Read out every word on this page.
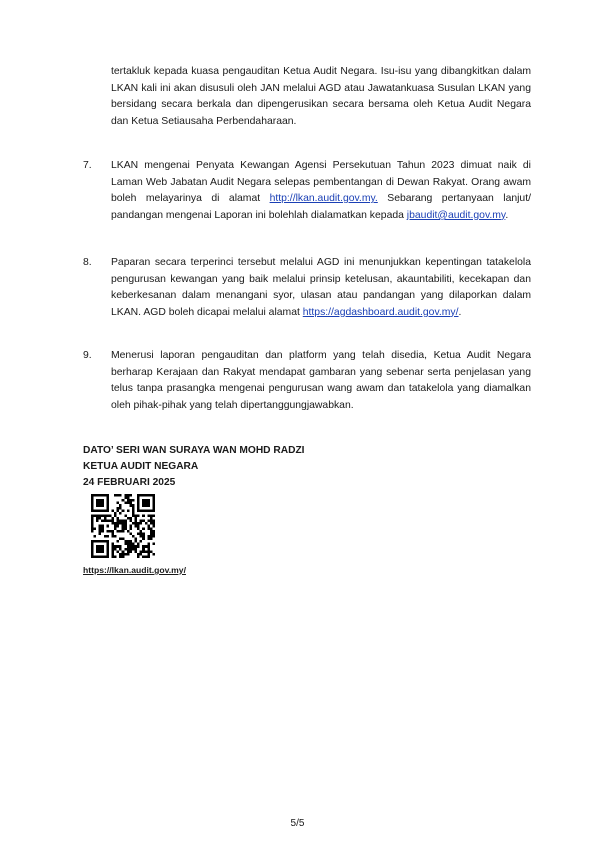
tertakluk kepada kuasa pengauditan Ketua Audit Negara. Isu-isu yang dibangkitkan dalam LKAN kali ini akan disusuli oleh JAN melalui AGD atau Jawatankuasa Susulan LKAN yang bersidang secara berkala dan dipengerusikan secara bersama oleh Ketua Audit Negara dan Ketua Setiausaha Perbendaharaan.
7. LKAN mengenai Penyata Kewangan Agensi Persekutuan Tahun 2023 dimuat naik di Laman Web Jabatan Audit Negara selepas pembentangan di Dewan Rakyat. Orang awam boleh melayarinya di alamat http://lkan.audit.gov.my. Sebarang pertanyaan lanjut/ pandangan mengenai Laporan ini bolehlah dialamatkan kepada jbaudit@audit.gov.my.
8. Paparan secara terperinci tersebut melalui AGD ini menunjukkan kepentingan tatakelola pengurusan kewangan yang baik melalui prinsip ketelusan, akauntabiliti, kecekapan dan keberkesanan dalam menangani syor, ulasan atau pandangan yang dilaporkan dalam LKAN. AGD boleh dicapai melalui alamat https://agdashboard.audit.gov.my/.
9. Menerusi laporan pengauditan dan platform yang telah disedia, Ketua Audit Negara berharap Kerajaan dan Rakyat mendapat gambaran yang sebenar serta penjelasan yang telus tanpa prasangka mengenai pengurusan wang awam dan tatakelola yang diamalkan oleh pihak-pihak yang telah dipertanggungjawabkan.
DATO’ SERI WAN SURAYA WAN MOHD RADZI
KETUA AUDIT NEGARA
24 FEBRUARI 2025
https://lkan.audit.gov.my/
5/5
